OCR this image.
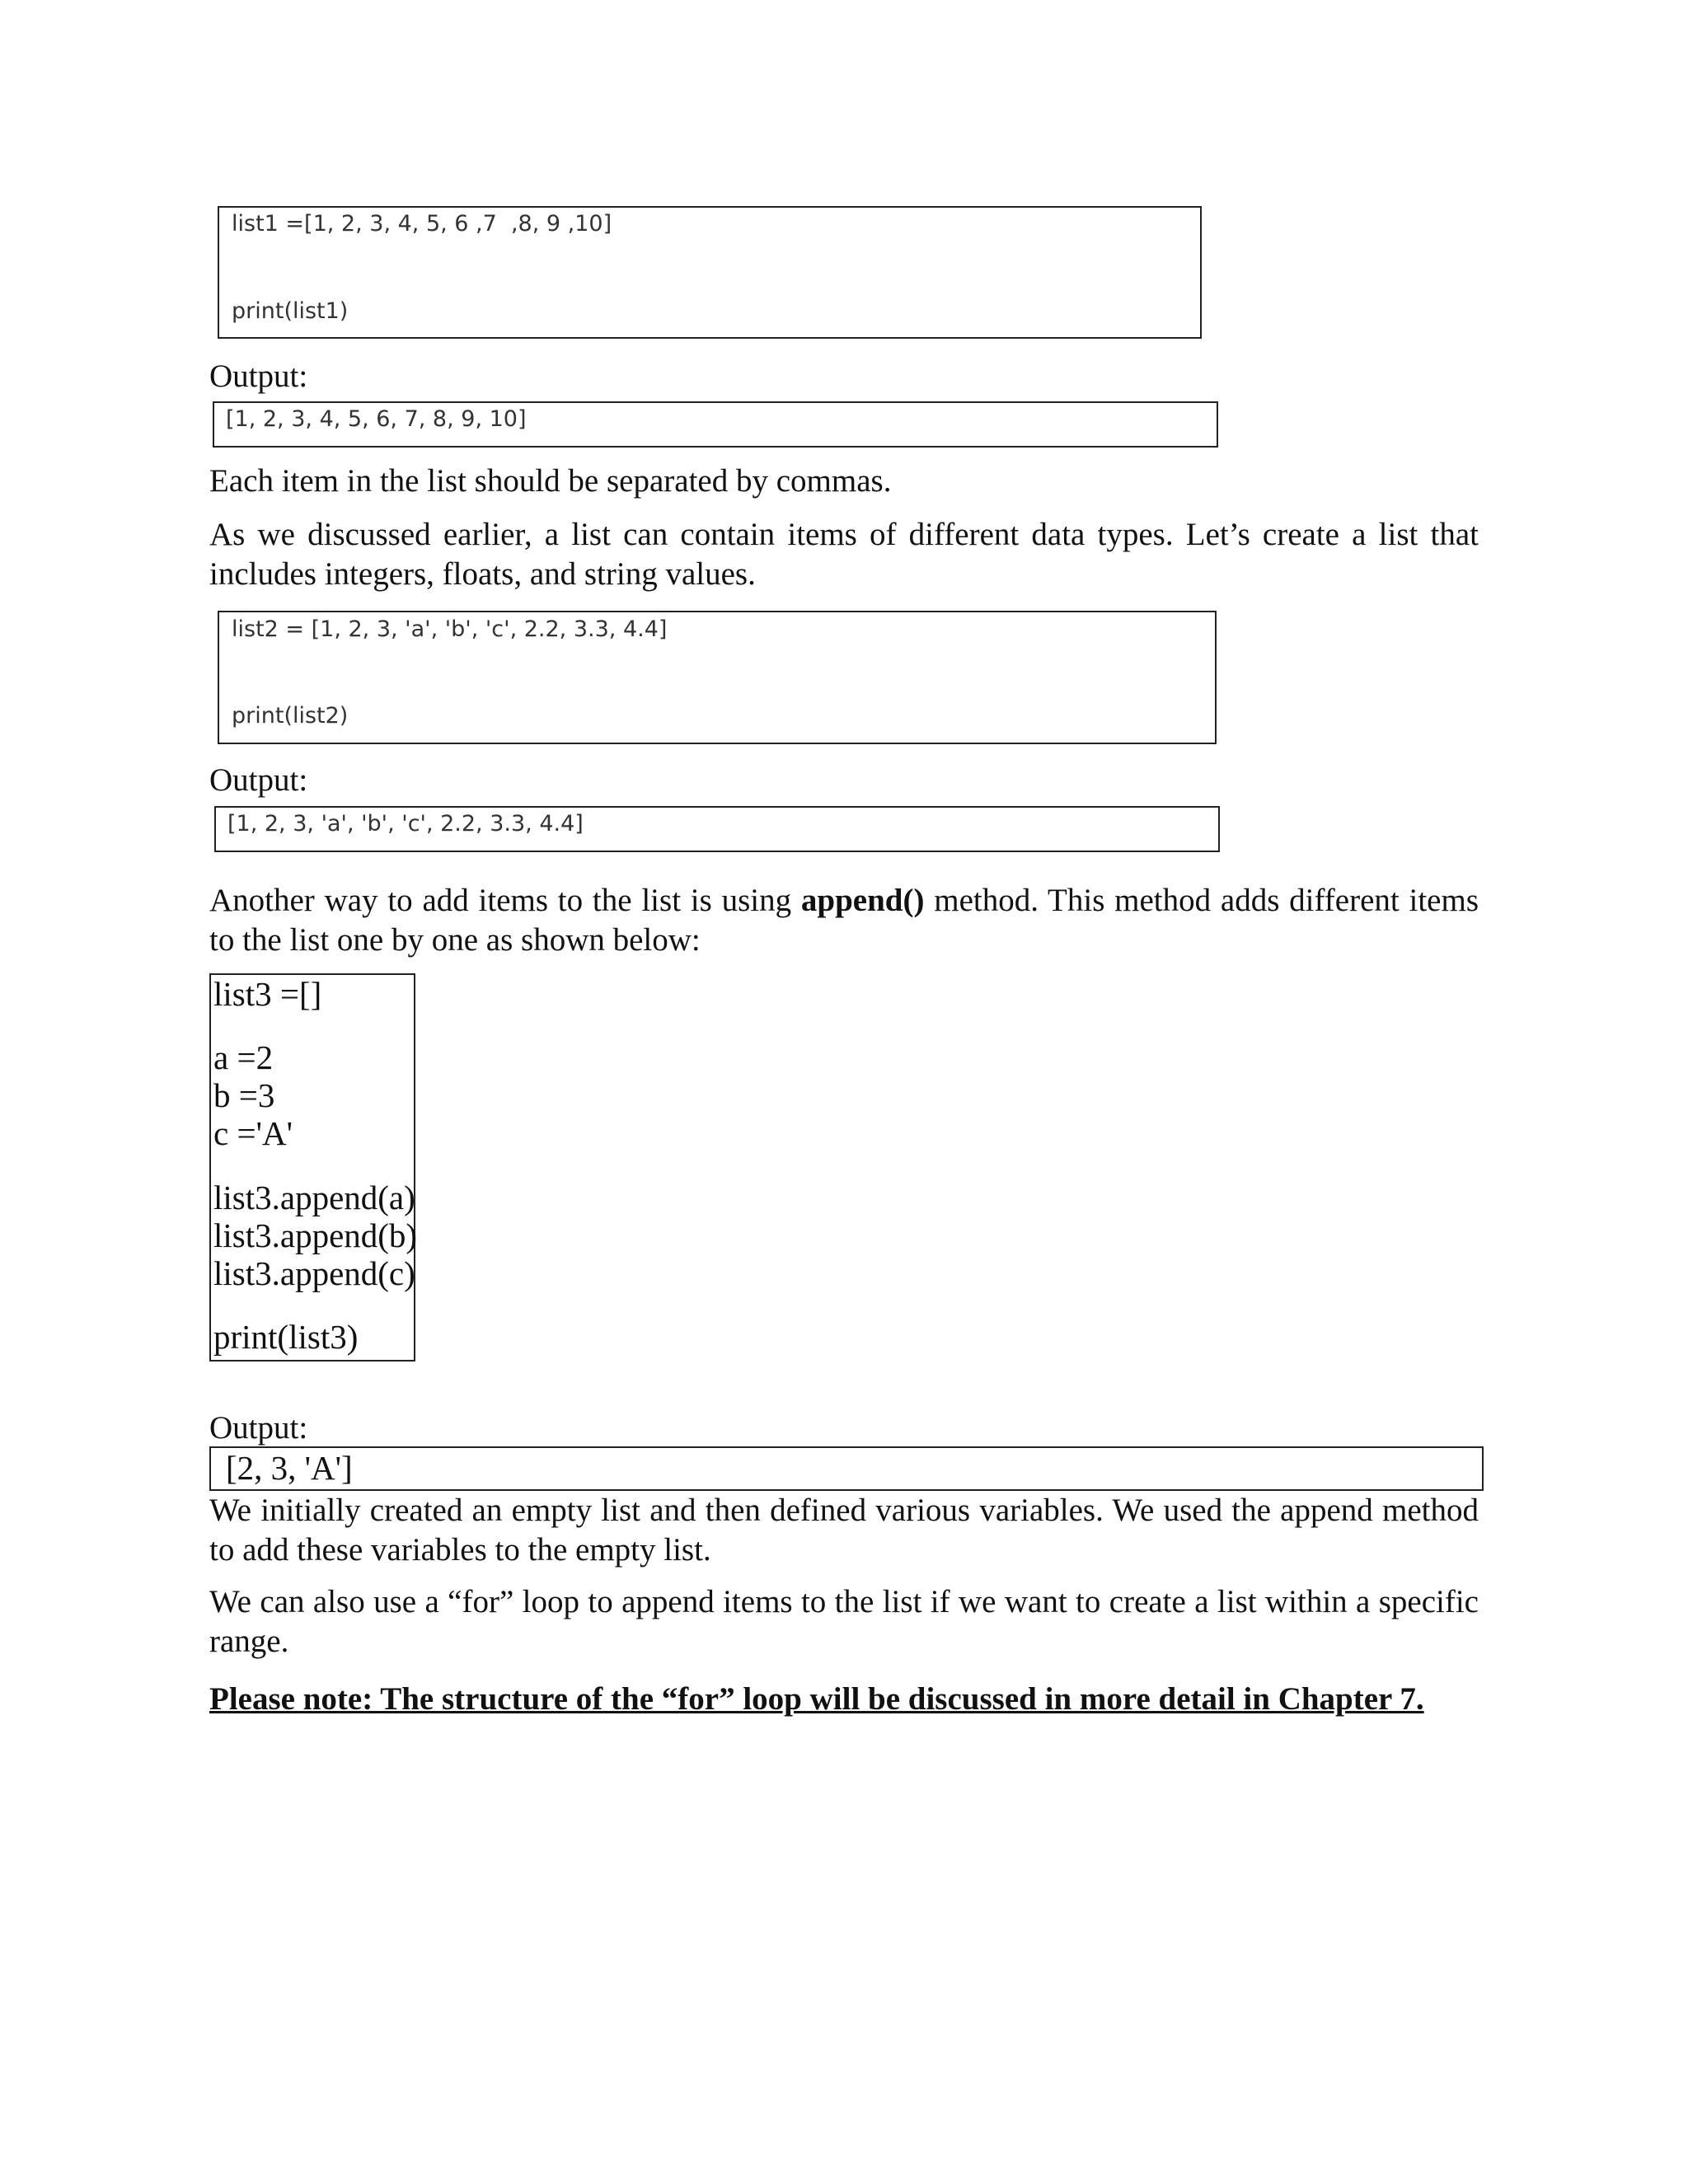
list1 =[1, 2, 3, 4, 5, 6 ,7  ,8, 9 ,10]
print(list1)
Output:
[1, 2, 3, 4, 5, 6, 7, 8, 9, 10]
Each item in the list should be separated by commas.
As we discussed earlier, a list can contain items of different data types. Let’s create a list that includes integers, floats, and string values.
list2 = [1, 2, 3, 'a', 'b', 'c', 2.2, 3.3, 4.4]
print(list2)
Output:
[1, 2, 3, 'a', 'b', 'c', 2.2, 3.3, 4.4]
Another way to add items to the list is using append() method. This method adds different items to the list one by one as shown below:
list3 =[]
a =2
b =3
c ='A'
list3.append(a)
list3.append(b)
list3.append(c)
print(list3)
Output:
[2, 3, 'A']
We initially created an empty list and then defined various variables. We used the append method to add these variables to the empty list.
We can also use a “for” loop to append items to the list if we want to create a list within a specific range.
Please note: The structure of the “for” loop will be discussed in more detail in Chapter 7.
